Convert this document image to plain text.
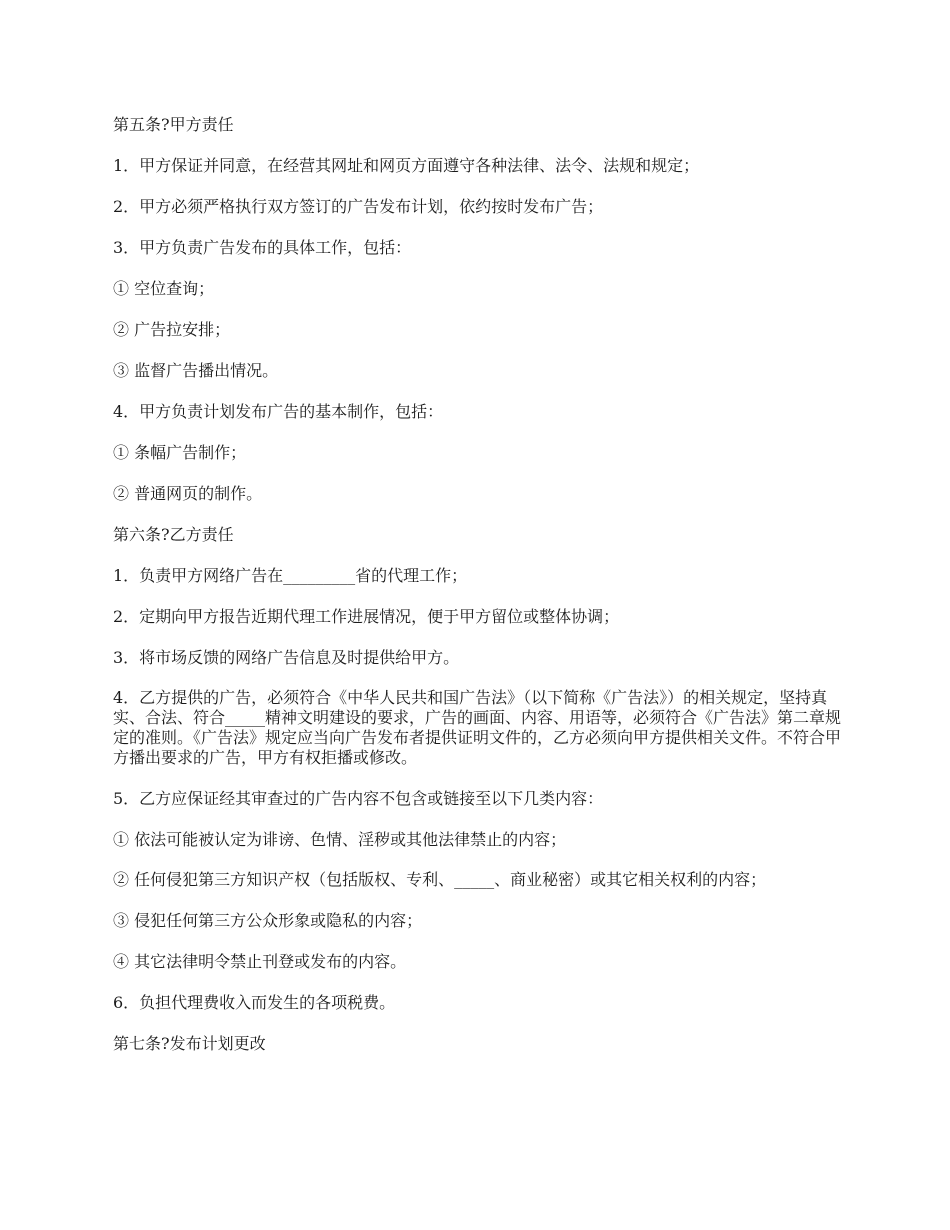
第五条?甲方责任

1．甲方保证并同意，在经营其网址和网页方面遵守各种法律、法令、法规和规定；

2．甲方必须严格执行双方签订的广告发布计划，依约按时发布广告；

3．甲方负责广告发布的具体工作，包括：

① 空位查询；

② 广告拉安排；

③ 监督广告播出情况。

4．甲方负责计划发布广告的基本制作，包括：

① 条幅广告制作；

② 普通网页的制作。

第六条?乙方责任

1．负责甲方网络广告在_________省的代理工作；

2．定期向甲方报告近期代理工作进展情况，便于甲方留位或整体协调；

3．将市场反馈的网络广告信息及时提供给甲方。

4．乙方提供的广告，必须符合《中华人民共和国广告法》（以下简称《广告法》）的相关规定，坚持真实、合法、符合_____精神文明建设的要求，广告的画面、内容、用语等，必须符合《广告法》第二章规定的准则。《广告法》规定应当向广告发布者提供证明文件的，乙方必须向甲方提供相关文件。不符合甲方播出要求的广告，甲方有权拒播或修改。

5．乙方应保证经其审查过的广告内容不包含或链接至以下几类内容：

① 依法可能被认定为诽谤、色情、淫秽或其他法律禁止的内容；

② 任何侵犯第三方知识产权（包括版权、专利、_____、商业秘密）或其它相关权利的内容；

③ 侵犯任何第三方公众形象或隐私的内容；

④ 其它法律明令禁止刊登或发布的内容。

6．负担代理费收入而发生的各项税费。

第七条?发布计划更改
